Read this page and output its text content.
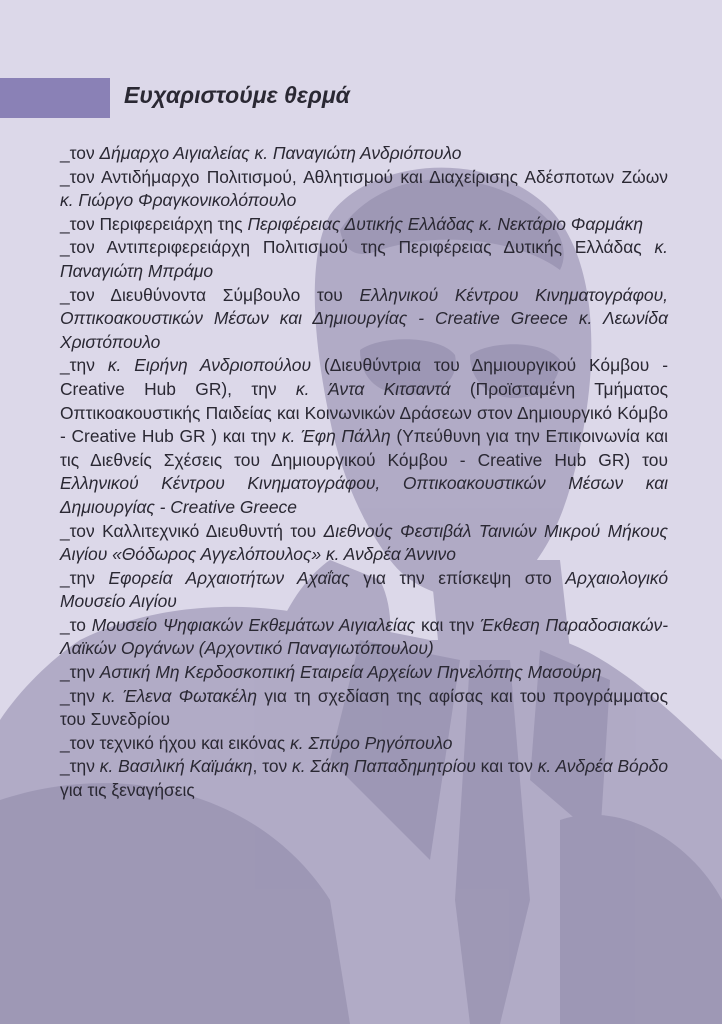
Ευχαριστούμε θερμά

_τον Δήμαρχο Αιγιαλείας κ. Παναγιώτη Ανδριόπουλο

_τον Αντιδήμαρχο Πολιτισμού, Αθλητισμού και Διαχείρισης Αδέσποτων Ζώων κ. Γιώργο Φραγκονικολόπουλο

_τον Περιφερειάρχη της Περιφέρειας Δυτικής Ελλάδας κ. Νεκτάριο Φαρμάκη

_τον Αντιπεριφερειάρχη Πολιτισμού της Περιφέρειας Δυτικής Ελλάδας κ. Παναγιώτη Μπράμο

_τον Διευθύνοντα Σύμβουλο του Ελληνικού Κέντρου Κινηματογράφου, Οπτικοακουστικών Μέσων και Δημιουργίας - Creative Greece κ. Λεωνίδα Χριστόπουλο

_την κ. Ειρήνη Ανδριοπούλου (Διευθύντρια του Δημιουργικού Κόμβου - Creative Hub GR), την κ. Άντα Κιτσαντά (Προϊσταμένη Τμήματος Οπτικοακουστικής Παιδείας και Κοινωνικών Δράσεων στον Δημιουργικό Κόμβο - Creative Hub GR ) και την κ. Έφη Πάλλη (Υπεύθυνη για την Επικοινωνία και τις Διεθνείς Σχέσεις του Δημιουργικού Κόμβου - Creative Hub GR) του Ελληνικού Κέντρου Κινηματογράφου, Οπτικοακουστικών Μέσων και Δημιουργίας - Creative Greece

_τον Καλλιτεχνικό Διευθυντή του Διεθνούς Φεστιβάλ Ταινιών Μικρού Μήκους Αιγίου «Θόδωρος Αγγελόπουλος» κ. Ανδρέα Άννινο

_την Εφορεία Αρχαιοτήτων Αχαΐας για την επίσκεψη στο Αρχαιολογικό Μουσείο Αιγίου

_το Μουσείο Ψηφιακών Εκθεμάτων Αιγιαλείας και την Έκθεση Παραδοσιακών-Λαϊκών Οργάνων (Αρχοντικό Παναγιωτόπουλου)

_την Αστική Μη Κερδοσκοπική Εταιρεία Αρχείων Πηνελόπης Μασούρη

_την κ. Έλενα Φωτακέλη για τη σχεδίαση της αφίσας και του προγράμματος του Συνεδρίου

_τον τεχνικό ήχου και εικόνας κ. Σπύρο Ρηγόπουλο

_την κ. Βασιλική Καϊμάκη, τον κ. Σάκη Παπαδημητρίου και τον κ. Ανδρέα Βόρδο για τις ξεναγήσεις
